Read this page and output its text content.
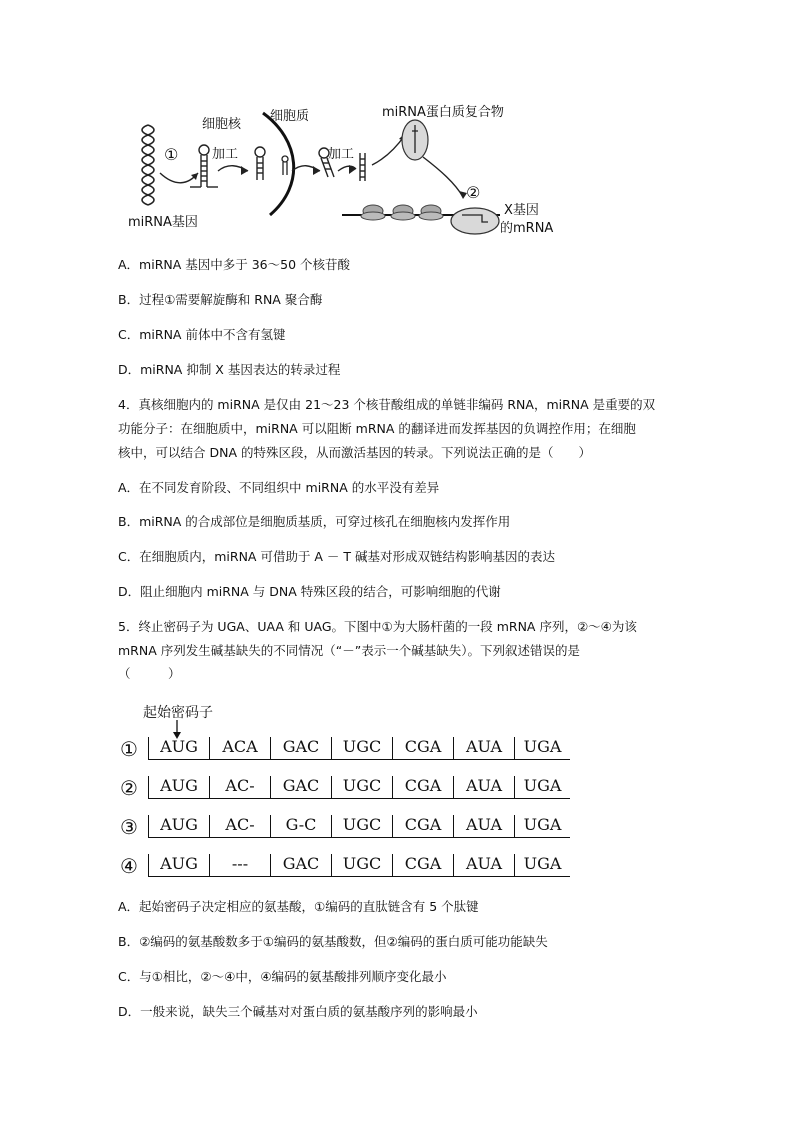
细胞核
细胞质	miRNA蛋白质复合物
①	加工	加工
miRNA基因
②
X基因
的mRNA
A．miRNA 基因中多于 36～50 个核苷酸
B．过程①需要解旋酶和 RNA 聚合酶
C．miRNA 前体中不含有氢键
D．miRNA 抑制 X 基因表达的转录过程
4．真核细胞内的 miRNA 是仅由 21～23 个核苷酸组成的单链非编码 RNA，miRNA 是重要的双
功能分子：在细胞质中，miRNA 可以阻断 mRNA 的翻译进而发挥基因的负调控作用；在细胞
核中，可以结合 DNA 的特殊区段，从而激活基因的转录。下列说法正确的是（　　）
A．在不同发育阶段、不同组织中 miRNA 的水平没有差异
B．miRNA 的合成部位是细胞质基质，可穿过核孔在细胞核内发挥作用
C．在细胞质内，miRNA 可借助于 A － T 碱基对形成双链结构影响基因的表达
D．阻止细胞内 miRNA 与 DNA 特殊区段的结合，可影响细胞的代谢
5．终止密码子为 UGA、UAA 和 UAG。下图中①为大肠杆菌的一段 mRNA 序列，②～④为该
mRNA 序列发生碱基缺失的不同情况（“－”表示一个碱基缺失）。下列叙述错误的是
（　　　）
起始密码子
①	AUG	ACA	GAC	UGC	CGA	AUA	UGA
②	AUG	AC-	GAC	UGC	CGA	AUA	UGA
③	AUG	AC-	G-C	UGC	CGA	AUA	UGA
④	AUG	---	GAC	UGC	CGA	AUA	UGA
A．起始密码子决定相应的氨基酸，①编码的直肽链含有 5 个肽键
B．②编码的氨基酸数多于①编码的氨基酸数，但②编码的蛋白质可能功能缺失
C．与①相比，②～④中，④编码的氨基酸排列顺序变化最小
D．一般来说，缺失三个碱基对对蛋白质的氨基酸序列的影响最小
